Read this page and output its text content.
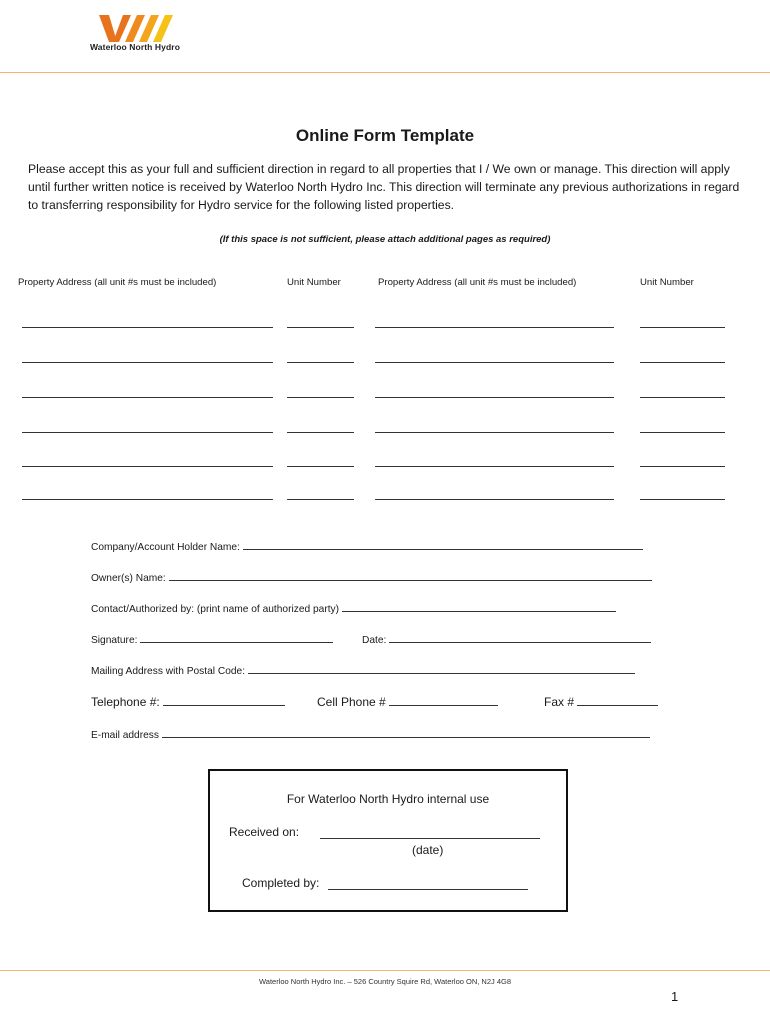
Waterloo North Hydro
Online Form Template
Please accept this as your full and sufficient direction in regard to all properties that I / We own or manage. This direction will apply until further written notice is received by Waterloo North Hydro Inc. This direction will terminate any previous authorizations in regard to transferring responsibility for Hydro service for the following listed properties.
(If this space is not sufficient, please attach additional pages as required)
Property Address (all unit #s must be included)	Unit Number	Property Address (all unit #s must be included)	Unit Number
Company/Account Holder Name:
Owner(s) Name:
Contact/Authorized by: (print name of authorized party)
Signature:	Date:
Mailing Address with Postal Code:
Telephone #:	Cell Phone #	Fax #
E-mail address
For Waterloo North Hydro internal use
Received on:
(date)
Completed by:
Waterloo North Hydro Inc. – 526 Country Squire Rd, Waterloo ON, N2J 4G8
1
